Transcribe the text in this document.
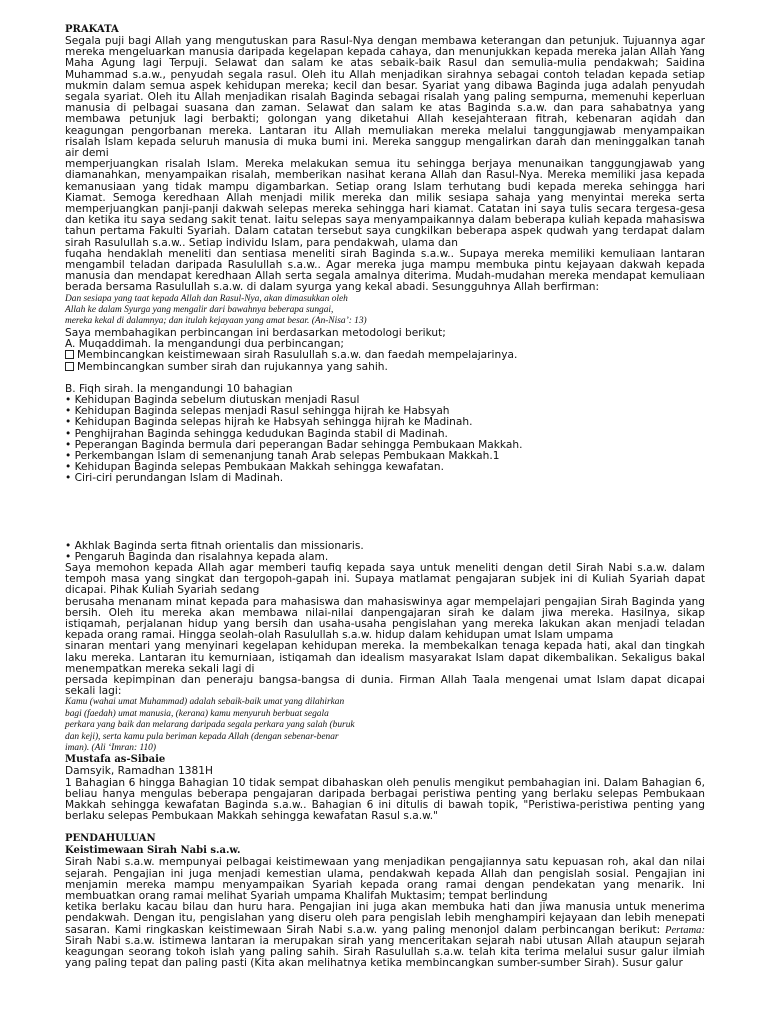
PRAKATA

Segala puji bagi Allah yang mengutuskan para Rasul-Nya dengan membawa keterangan dan petunjuk. Tujuannya agar mereka mengeluarkan manusia daripada kegelapan kepada cahaya, dan menunjukkan kepada mereka jalan Allah Yang Maha Agung lagi Terpuji. Selawat dan salam ke atas sebaik-baik Rasul dan semulia-mulia pendakwah; Saidina Muhammad s.a.w., penyudah segala rasul. Oleh itu Allah menjadikan sirahnya sebagai contoh teladan kepada setiap mukmin dalam semua aspek kehidupan mereka; kecil dan besar. Syariat yang dibawa Baginda juga adalah penyudah segala syariat. Oleh itu Allah menjadikan risalah Baginda sebagai risalah yang paling sempurna, memenuhi keperluan manusia di pelbagai suasana dan zaman. Selawat dan salam ke atas Baginda s.a.w. dan para sahabatnya yang membawa petunjuk lagi berbakti; golongan yang diketahui Allah kesejahteraan fitrah, kebenaran aqidah dan keagungan pengorbanan mereka. Lantaran itu Allah memuliakan mereka melalui tanggungjawab menyampaikan risalah Islam kepada seluruh manusia di muka bumi ini. Mereka sanggup mengalirkan darah dan meninggalkan tanah air demi

memperjuangkan risalah Islam. Mereka melakukan semua itu sehingga berjaya menunaikan tanggungjawab yang diamanahkan, menyampaikan risalah, memberikan nasihat kerana Allah dan Rasul-Nya. Mereka memiliki jasa kepada kemanusiaan yang tidak mampu digambarkan. Setiap orang Islam terhutang budi kepada mereka sehingga hari Kiamat. Semoga keredhaan Allah menjadi milik mereka dan milik sesiapa sahaja yang menyintai mereka serta memperjuangkan panji-panji dakwah selepas mereka sehingga hari kiamat. Catatan ini saya tulis secara tergesa-gesa dan ketika itu saya sedang sakit tenat. Iaitu selepas saya menyampaikannya dalam beberapa kuliah kepada mahasiswa tahun pertama Fakulti Syariah. Dalam catatan tersebut saya cungkilkan beberapa aspek qudwah yang terdapat dalam sirah Rasulullah s.a.w.. Setiap individu Islam, para pendakwah, ulama dan

fuqaha hendaklah meneliti dan sentiasa meneliti sirah Baginda s.a.w.. Supaya mereka memiliki kemuliaan lantaran mengambil teladan daripada Rasulullah s.a.w.. Agar mereka juga mampu membuka pintu kejayaan dakwah kepada manusia dan mendapat keredhaan Allah serta segala amalnya diterima. Mudah-mudahan mereka mendapat kemuliaan berada bersama Rasulullah s.a.w. di dalam syurga yang kekal abadi. Sesungguhnya Allah berfirman:

Dan sesiapa yang taat kepada Allah dan Rasul-Nya, akan dimasukkan oleh

Allah ke dalam Syurga yang mengalir dari bawahnya beberapa sungai,

mereka kekal di dalamnya; dan itulah kejayaan yang amat besar. (An-Nisa’: 13)

Saya membahagikan perbincangan ini berdasarkan metodologi berikut;

A. Muqaddimah. Ia mengandungi dua perbincangan;

Membincangkan keistimewaan sirah Rasulullah s.a.w. dan faedah mempelajarinya.

Membincangkan sumber sirah dan rujukannya yang sahih.

B. Fiqh sirah. Ia mengandungi 10 bahagian

• Kehidupan Baginda sebelum diutuskan menjadi Rasul
• Kehidupan Baginda selepas menjadi Rasul sehingga hijrah ke Habsyah
• Kehidupan Baginda selepas hijrah ke Habsyah sehingga hijrah ke Madinah.
• Penghijrahan Baginda sehingga kedudukan Baginda stabil di Madinah.
• Peperangan Baginda bermula dari peperangan Badar sehingga Pembukaan Makkah.
• Perkembangan Islam di semenanjung tanah Arab selepas Pembukaan Makkah.1
• Kehidupan Baginda selepas Pembukaan Makkah sehingga kewafatan.
• Ciri-ciri perundangan Islam di Madinah.
• Akhlak Baginda serta fitnah orientalis dan missionaris.
• Pengaruh Baginda dan risalahnya kepada alam.

Saya memohon kepada Allah agar memberi taufiq kepada saya untuk meneliti dengan detil Sirah Nabi s.a.w. dalam tempoh masa yang singkat dan tergopoh-gapah ini. Supaya matlamat pengajaran subjek ini di Kuliah Syariah dapat dicapai. Pihak Kuliah Syariah sedang

berusaha menanam minat kepada para mahasiswa dan mahasiswinya agar mempelajari pengajian Sirah Baginda yang bersih. Oleh itu mereka akan membawa nilai-nilai danpengajaran sirah ke dalam jiwa mereka. Hasilnya, sikap istiqamah, perjalanan hidup yang bersih dan usaha-usaha pengislahan yang mereka lakukan akan menjadi teladan kepada orang ramai. Hingga seolah-olah Rasulullah s.a.w. hidup dalam kehidupan umat Islam umpama

sinaran mentari yang menyinari kegelapan kehidupan mereka. Ia membekalkan tenaga kepada hati, akal dan tingkah laku mereka. Lantaran itu kemurniaan, istiqamah dan idealism masyarakat Islam dapat dikembalikan. Sekaligus bakal menempatkan mereka sekali lagi di

persada kepimpinan dan peneraju bangsa-bangsa di dunia. Firman Allah Taala mengenai umat Islam dapat dicapai sekali lagi:

Kamu (wahai umat Muhammad) adalah sebaik-baik umat yang dilahirkan

bagi (faedah) umat manusia, (kerana) kamu menyuruh berbuat segala

perkara yang baik dan melarang daripada segala perkara yang salah (buruk

dan keji), serta kamu pula beriman kepada Allah (dengan sebenar-benar

iman). (Ali ‘Imran: 110)

Mustafa as-Sibaie

Damsyik, Ramadhan 1381H

1 Bahagian 6 hingga Bahagian 10 tidak sempat dibahaskan oleh penulis mengikut pembahagian ini. Dalam Bahagian 6, beliau hanya mengulas beberapa pengajaran daripada berbagai peristiwa penting yang berlaku selepas Pembukaan Makkah sehingga kewafatan Baginda s.a.w.. Bahagian 6 ini ditulis di bawah topik, "Peristiwa-peristiwa penting yang berlaku selepas Pembukaan Makkah sehingga kewafatan Rasul s.a.w."

PENDAHULUAN
Keistimewaan Sirah Nabi s.a.w.

Sirah Nabi s.a.w. mempunyai pelbagai keistimewaan yang menjadikan pengajiannya satu kepuasan roh, akal dan nilai sejarah. Pengajian ini juga menjadi kemestian ulama, pendakwah kepada Allah dan pengislah sosial. Pengajian ini menjamin mereka mampu menyampaikan Syariah kepada orang ramai dengan pendekatan yang menarik. Ini membuatkan orang ramai melihat Syariah umpama Khalifah Muktasim; tempat berlindung

ketika berlaku kacau bilau dan huru hara. Pengajian ini juga akan membuka hati dan jiwa manusia untuk menerima pendakwah. Dengan itu, pengislahan yang diseru oleh para pengislah lebih menghampiri kejayaan dan lebih menepati sasaran. Kami ringkaskan keistimewaan Sirah Nabi s.a.w. yang paling menonjol dalam perbincangan berikut: Pertama: Sirah Nabi s.a.w. istimewa lantaran ia merupakan sirah yang menceritakan sejarah nabi utusan Allah ataupun sejarah keagungan seorang tokoh islah yang paling sahih. Sirah Rasulullah s.a.w. telah kita terima melalui susur galur ilmiah yang paling tepat dan paling pasti (Kita akan melihatnya ketika membincangkan sumber-sumber Sirah). Susur galur
